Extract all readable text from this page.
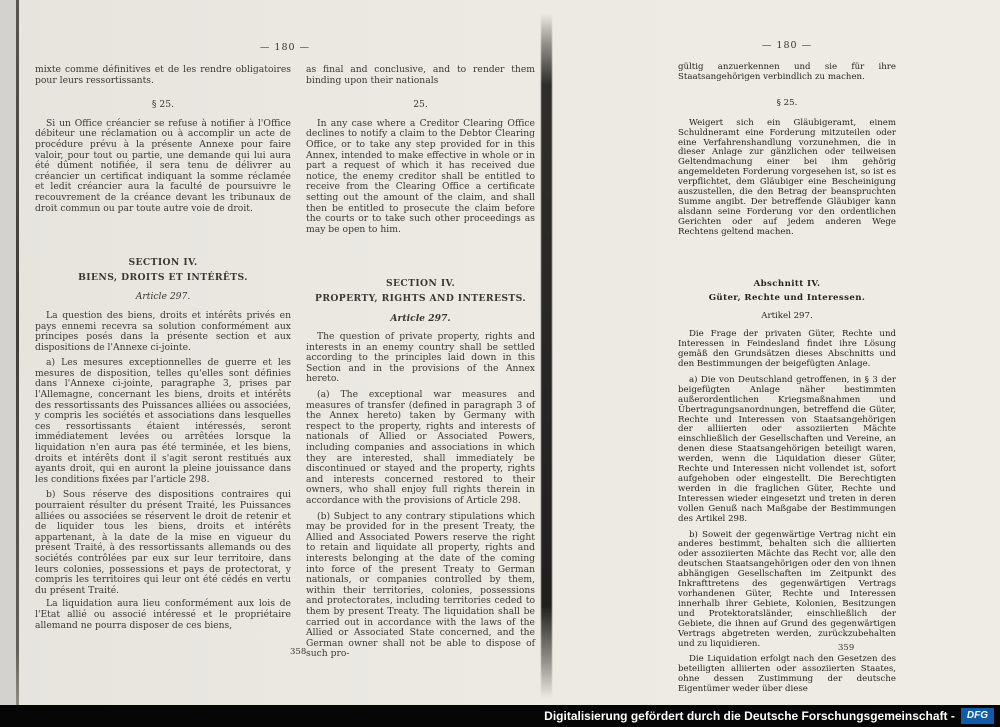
— 180 —
mixte comme définitives et de les rendre obligatoires pour leurs ressortissants.
§ 25.
Si un Office créancier se refuse à notifier à l'Office débiteur une réclamation ou à accomplir un acte de procédure prévu à la présente Annexe pour faire valoir, pour tout ou partie, une demande qui lui aura été dûment notifiée, il sera tenu de délivrer au créancier un certificat indiquant la somme réclamée et ledit créancier aura la faculté de poursuivre le recouvrement de la créance devant les tribunaux de droit commun ou par toute autre voie de droit.
SECTION IV.
BIENS, DROITS ET INTÉRÊTS.
Article 297.
La question des biens, droits et intérêts privés en pays ennemi recevra sa solution conformément aux principes posés dans la présente section et aux dispositions de l'Annexe ci-jointe.
a) Les mesures exceptionnelles de guerre et les mesures de disposition, telles qu'elles sont définies dans l'Annexe ci-jointe, paragraphe 3, prises par l'Allemagne, concernant les biens, droits et intérêts des ressortissants des Puissances alliées ou associées, y compris les sociétés et associations dans lesquelles ces ressortissants étaient intéressés, seront immédiatement levées ou arrêtées lorsque la liquidation n'en aura pas été terminée, et les biens, droits et intérêts dont il s'agit seront restitués aux ayants droit, qui en auront la pleine jouissance dans les conditions fixées par l'article 298.
b) Sous réserve des dispositions contraires qui pourraient résulter du présent Traité, les Puissances alliées ou associées se réservent le droit de retenir et de liquider tous les biens, droits et intérêts appartenant, à la date de la mise en vigueur du présent Traité, à des ressortissants allemands ou des sociétés contrôlées par eux sur leur territoire, dans leurs colonies, possessions et pays de protectorat, y compris les territoires qui leur ont été cédés en vertu du présent Traité.
La liquidation aura lieu conformément aux lois de l'Etat allié ou associé intéressé et le propriétaire allemand ne pourra disposer de ces biens,
as final and conclusive, and to render them binding upon their nationals
25.
In any case where a Creditor Clearing Office declines to notify a claim to the Debtor Clearing Office, or to take any step provided for in this Annex, intended to make effective in whole or in part a request of which it has received due notice, the enemy creditor shall be entitled to receive from the Clearing Office a certificate setting out the amount of the claim, and shall then be entitled to prosecute the claim before the courts or to take such other proceedings as may be open to him.
SECTION IV.
PROPERTY, RIGHTS AND INTERESTS.
Article 297.
The question of private property, rights and interests in an enemy country shall be settled according to the principles laid down in this Section and in the provisions of the Annex hereto.
(a) The exceptional war measures and measures of transfer (defined in paragraph 3 of the Annex hereto) taken by Germany with respect to the property, rights and interests of nationals of Allied or Associated Powers, including companies and associations in which they are interested, shall immediately be discontinued or stayed and the property, rights and interests concerned restored to their owners, who shall enjoy full rights therein in accordance with the provisions of Article 298.
(b) Subject to any contrary stipulations which may be provided for in the present Treaty, the Allied and Associated Powers reserve the right to retain and liquidate all property, rights and interests belonging at the date of the coming into force of the present Treaty to German nationals, or companies controlled by them, within their territories, colonies, possessions and protectorates, including territories ceded to them by present Treaty. The liquidation shall be carried out in accordance with the laws of the Allied or Associated State concerned, and the German owner shall not be able to dispose of such pro-
— 180 —
gültig anzuerkennen und sie für ihre Staatsangehörigen verbindlich zu machen.
§ 25.
Weigert sich ein Gläubigeramt, einem Schuldneramt eine Forderung mitzuteilen oder eine Verfahrenshandlung vorzunehmen, die in dieser Anlage zur gänzlichen oder teilweisen Geltendmachung einer bei ihm gehörig angemeldeten Forderung vorgesehen ist, so ist es verpflichtet, dem Gläubiger eine Bescheinigung auszustellen, die den Betrag der beanspruchten Summe angibt. Der betreffende Gläubiger kann alsdann seine Forderung vor den ordentlichen Gerichten oder auf jedem anderen Wege Rechtens geltend machen.
Abschnitt IV.
Güter, Rechte und Interessen.
Artikel 297.
Die Frage der privaten Güter, Rechte und Interessen in Feindesland findet ihre Lösung gemäß den Grundsätzen dieses Abschnitts und den Bestimmungen der beigefügten Anlage.
a) Die von Deutschland getroffenen, in § 3 der beigefügten Anlage näher bestimmten außerordentlichen Kriegsmaßnahmen und Übertragungsanordnungen, betreffend die Güter, Rechte und Interessen von Staatsangehörigen der alliierten oder assoziierten Mächte einschließlich der Gesellschaften und Vereine, an denen diese Staatsangehörigen beteiligt waren, werden, wenn die Liquidation dieser Güter, Rechte und Interessen nicht vollendet ist, sofort aufgehoben oder eingestellt. Die Berechtigten werden in die fraglichen Güter, Rechte und Interessen wieder eingesetzt und treten in deren vollen Genuß nach Maßgabe der Bestimmungen des Artikel 298.
b) Soweit der gegenwärtige Vertrag nicht ein anderes bestimmt, behalten sich die alliierten oder assoziierten Mächte das Recht vor, alle den deutschen Staatsangehörigen oder den von ihnen abhängigen Gesellschaften im Zeitpunkt des Inkrafttretens des gegenwärtigen Vertrags vorhandenen Güter, Rechte und Interessen innerhalb ihrer Gebiete, Kolonien, Besitzungen und Protektoratsländer, einschließlich der Gebiete, die ihnen auf Grund des gegenwärtigen Vertrags abgetreten werden, zurückzubehalten und zu liquidieren.
Die Liquidation erfolgt nach den Gesetzen des beteiligten alliierten oder assoziierten Staates, ohne dessen Zustimmung der deutsche Eigentümer weder über diese
358	359
Digitalisierung gefördert durch die Deutsche Forschungsgemeinschaft -	DFG
